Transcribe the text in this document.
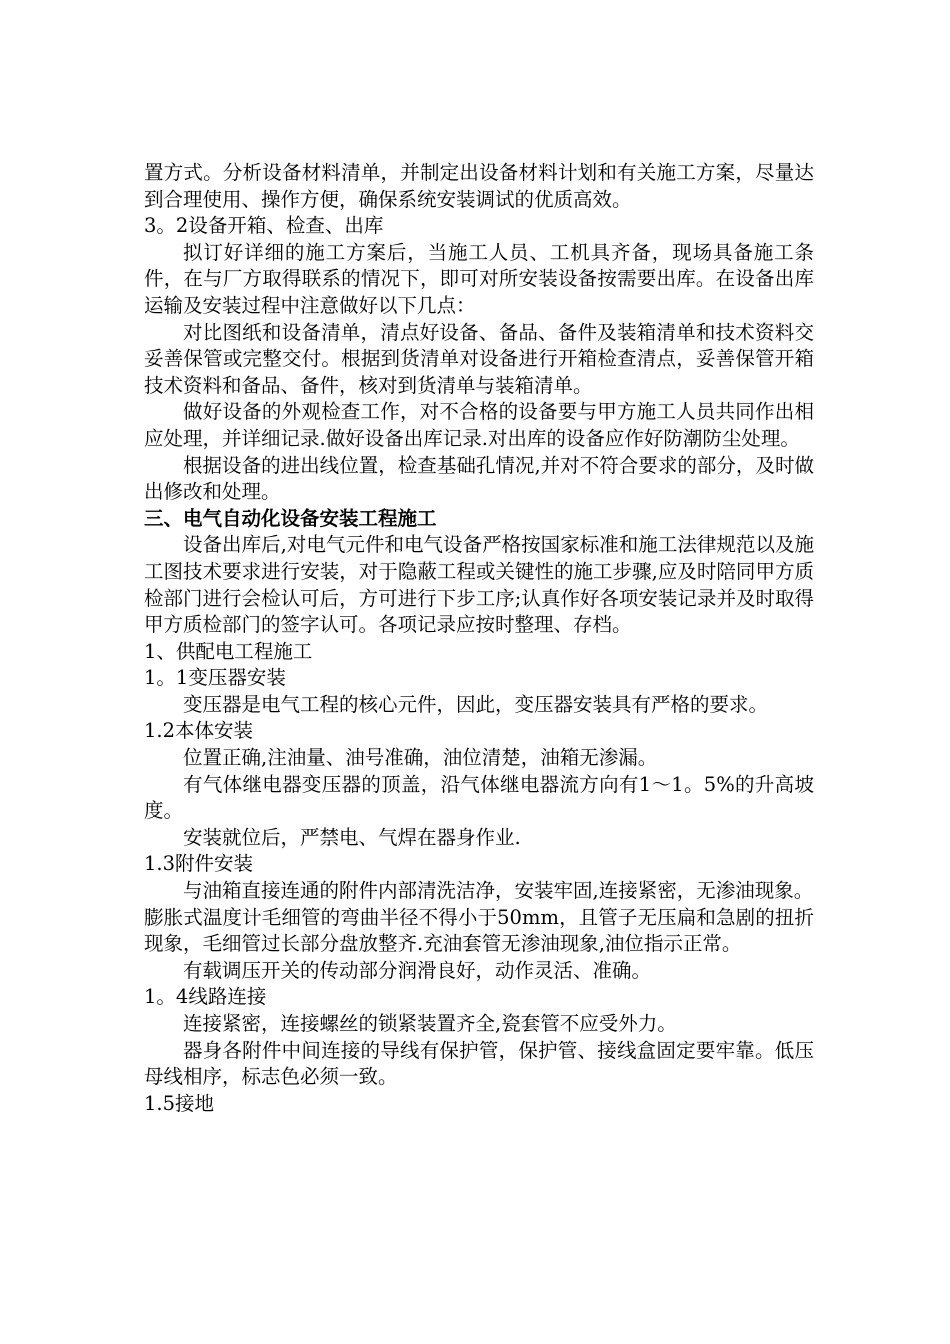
置方式。分析设备材料清单，并制定出设备材料计划和有关施工方案，尽量达到合理使用、操作方便，确保系统安装调试的优质高效。

3。2设备开箱、检查、出库

拟订好详细的施工方案后，当施工人员、工机具齐备，现场具备施工条件，在与厂方取得联系的情况下，即可对所安装设备按需要出库。在设备出库运输及安装过程中注意做好以下几点：

对比图纸和设备清单，清点好设备、备品、备件及装箱清单和技术资料交妥善保管或完整交付。根据到货清单对设备进行开箱检查清点，妥善保管开箱技术资料和备品、备件，核对到货清单与装箱清单。

做好设备的外观检查工作，对不合格的设备要与甲方施工人员共同作出相应处理，并详细记录.做好设备出库记录.对出库的设备应作好防潮防尘处理。

根据设备的进出线位置，检查基础孔情况,并对不符合要求的部分，及时做出修改和处理。

三、电气自动化设备安装工程施工

设备出库后,对电气元件和电气设备严格按国家标准和施工法律规范以及施工图技术要求进行安装，对于隐蔽工程或关键性的施工步骤,应及时陪同甲方质检部门进行会检认可后，方可进行下步工序;认真作好各项安装记录并及时取得甲方质检部门的签字认可。各项记录应按时整理、存档。

1、供配电工程施工

1。1变压器安装

变压器是电气工程的核心元件，因此，变压器安装具有严格的要求。

1.2本体安装

位置正确,注油量、油号准确，油位清楚，油箱无渗漏。

有气体继电器变压器的顶盖，沿气体继电器流方向有1～1。5%的升高坡度。

安装就位后，严禁电、气焊在器身作业.

1.3附件安装

与油箱直接连通的附件内部清洗洁净，安装牢固,连接紧密，无渗油现象。

膨胀式温度计毛细管的弯曲半径不得小于50mm，且管子无压扁和急剧的扭折现象，毛细管过长部分盘放整齐.充油套管无渗油现象,油位指示正常。

有载调压开关的传动部分润滑良好，动作灵活、准确。

1。4线路连接

连接紧密，连接螺丝的锁紧装置齐全,瓷套管不应受外力。

器身各附件中间连接的导线有保护管，保护管、接线盒固定要牢靠。低压母线相序，标志色必须一致。

1.5接地
